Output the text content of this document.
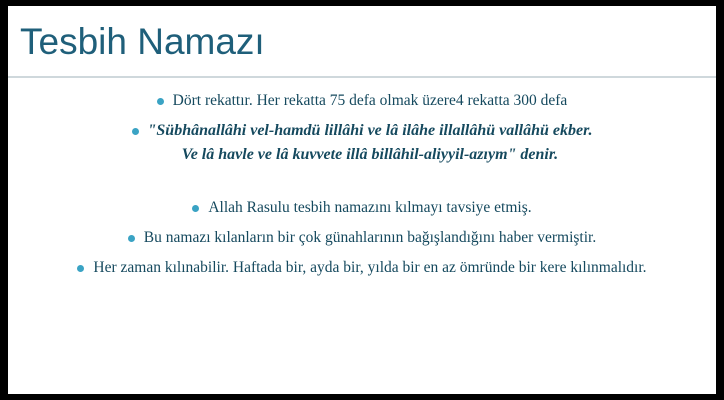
Tesbih Namazı
Dört rekattır. Her rekatta 75 defa olmak üzere4 rekatta 300 defa
"Sübhânallâhi vel-hamdü lillâhi ve lâ ilâhe illallâhü vallâhü ekber.
Ve lâ havle ve lâ kuvvete illâ billâhil-aliyyil-azıym" denir.
Allah Rasulu tesbih namazını kılmayı tavsiye etmiş.
Bu namazı kılanların bir çok günahlarının bağışlandığını haber vermiştir.
Her zaman kılınabilir. Haftada bir, ayda bir, yılda bir en az ömründe bir kere kılınmalıdır.
